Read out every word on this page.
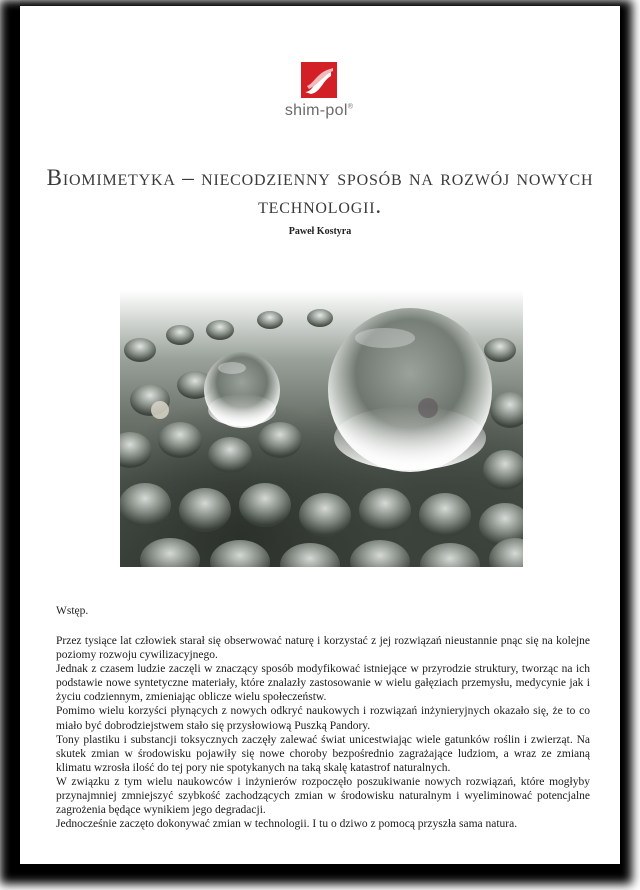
shim-pol®
Biomimetyka – niecodzienny sposób na rozwój nowych technologii.
Paweł Kostyra
Wstęp.

Przez tysiące lat człowiek starał się obserwować naturę i korzystać z jej rozwiązań nieustannie pnąc się na kolejne poziomy rozwoju cywilizacyjnego.

Jednak z czasem ludzie zaczęli w znaczący sposób modyfikować istniejące w przyrodzie struktury, tworząc na ich podstawie nowe syntetyczne materiały, które znalazły zastosowanie w wielu gałęziach przemysłu, medycynie jak i życiu codziennym, zmieniając oblicze wielu społeczeństw.

Pomimo wielu korzyści płynących z nowych odkryć naukowych i rozwiązań inżynieryjnych okazało się, że to co miało być dobrodziejstwem stało się przysłowiową Puszką Pandory.

Tony plastiku i substancji toksycznych zaczęły zalewać świat unicestwiając wiele gatunków roślin i zwierząt. Na skutek zmian w środowisku pojawiły się nowe choroby bezpośrednio zagrażające ludziom, a wraz ze zmianą klimatu wzrosła ilość do tej pory nie spotykanych na taką skalę katastrof naturalnych.

W związku z tym wielu naukowców i inżynierów rozpoczęło poszukiwanie nowych rozwiązań, które mogłyby przynajmniej zmniejszyć szybkość zachodzących zmian w środowisku naturalnym i wyeliminować potencjalne zagrożenia będące wynikiem jego degradacji.

Jednocześnie zaczęto dokonywać zmian w technologii. I tu o dziwo z pomocą przyszła sama natura.
